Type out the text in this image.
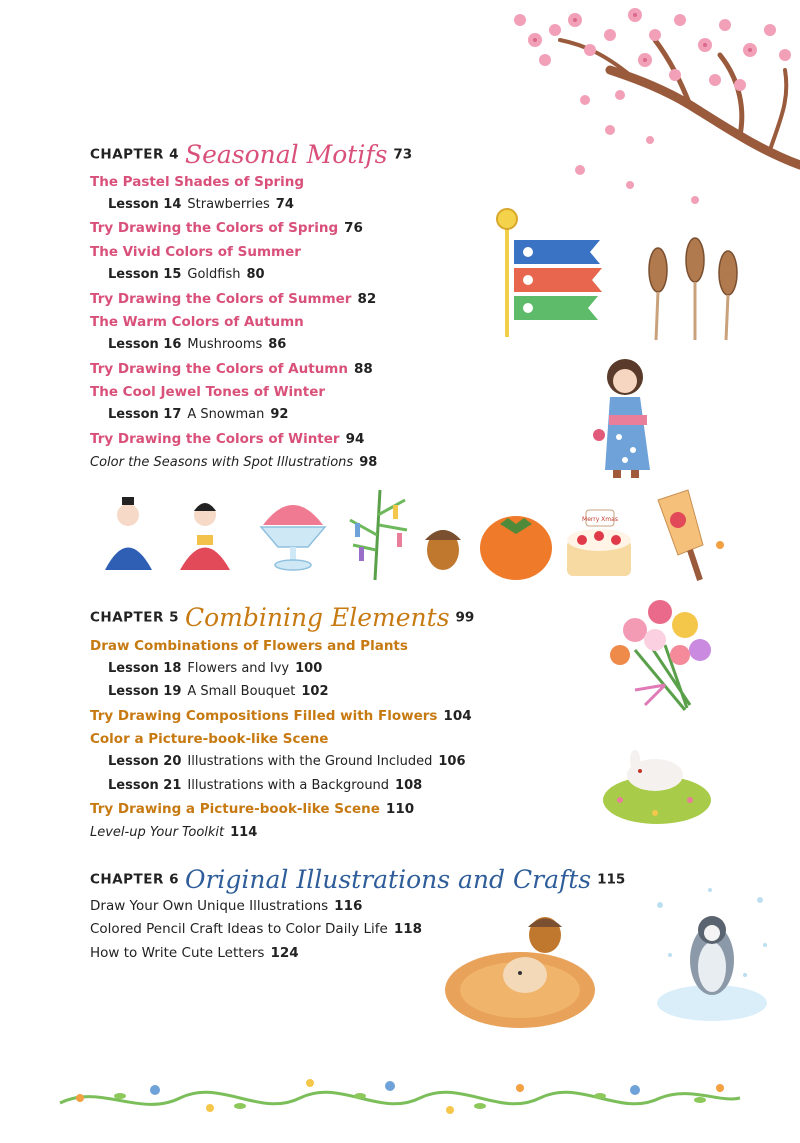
CHAPTER 4 Seasonal Motifs 73
The Pastel Shades of Spring
Lesson 14 Strawberries 74
Try Drawing the Colors of Spring 76
The Vivid Colors of Summer
Lesson 15 Goldfish 80
Try Drawing the Colors of Summer 82
The Warm Colors of Autumn
Lesson 16 Mushrooms 86
Try Drawing the Colors of Autumn 88
The Cool Jewel Tones of Winter
Lesson 17 A Snowman 92
Try Drawing the Colors of Winter 94
Color the Seasons with Spot Illustrations 98
CHAPTER 5 Combining Elements 99
Draw Combinations of Flowers and Plants
Lesson 18 Flowers and Ivy 100
Lesson 19 A Small Bouquet 102
Try Drawing Compositions Filled with Flowers 104
Color a Picture-book-like Scene
Lesson 20 Illustrations with the Ground Included 106
Lesson 21 Illustrations with a Background 108
Try Drawing a Picture-book-like Scene 110
Level-up Your Toolkit 114
CHAPTER 6 Original Illustrations and Crafts 115
Draw Your Own Unique Illustrations 116
Colored Pencil Craft Ideas to Color Daily Life 118
How to Write Cute Letters 124
Merry Xmas
